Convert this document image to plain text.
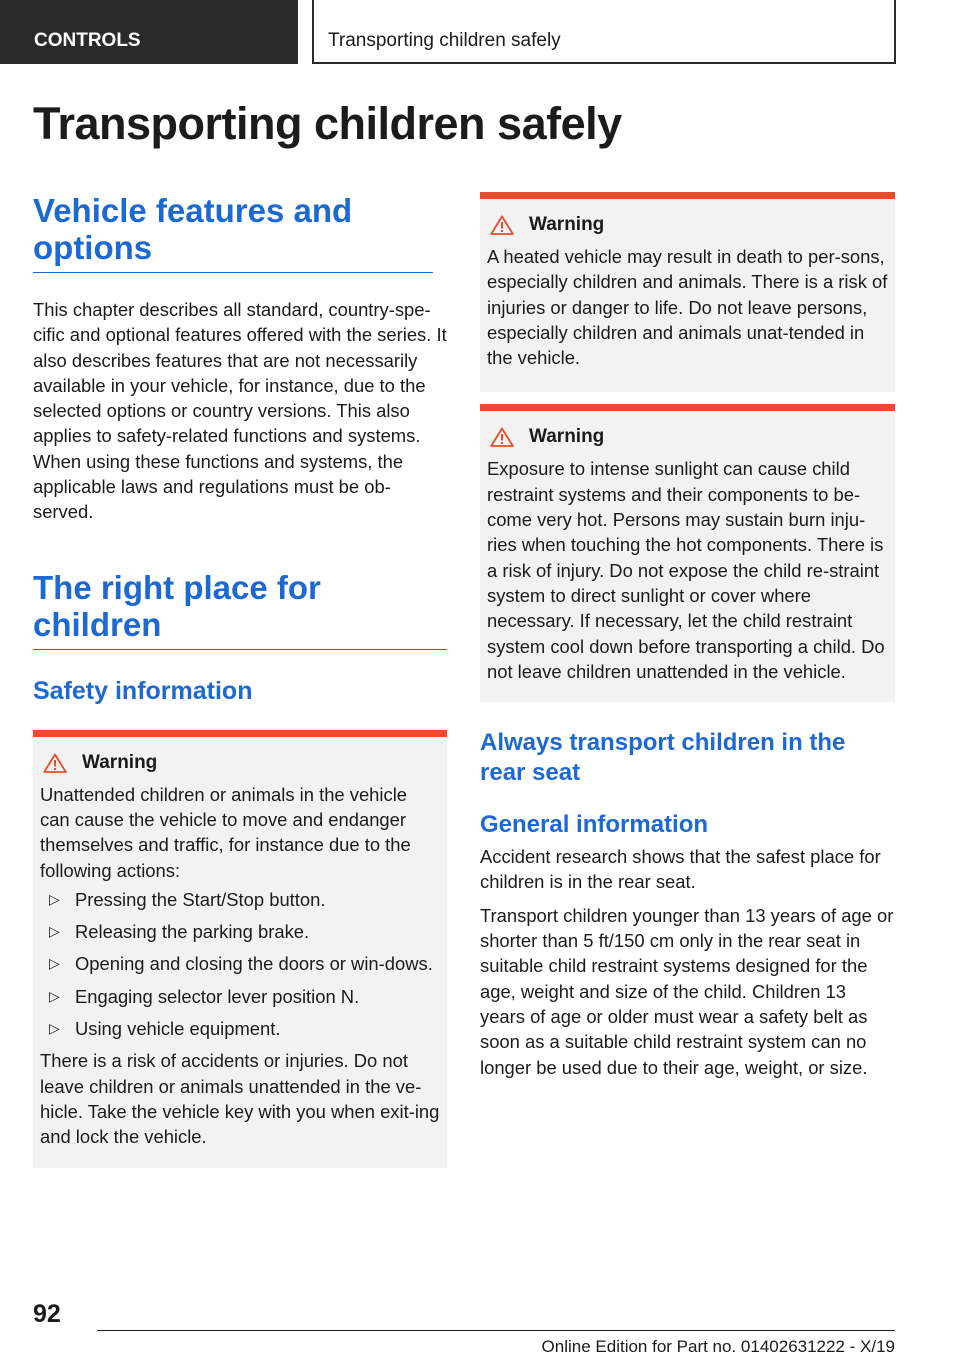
CONTROLS	Transporting children safely
Transporting children safely
Vehicle features and options

This chapter describes all standard, country-spe-cific and optional features offered with the series. It also describes features that are not necessarily available in your vehicle, for instance, due to the selected options or country versions. This also applies to safety-related functions and systems. When using these functions and systems, the applicable laws and regulations must be ob-served.

The right place for children
Safety information
Warning

Unattended children or animals in the vehicle can cause the vehicle to move and endanger themselves and traffic, for instance due to the following actions:

▷ Pressing the Start/Stop button.
▷ Releasing the parking brake.
▷ Opening and closing the doors or win-dows.
▷ Engaging selector lever position N.
▷ Using vehicle equipment.

There is a risk of accidents or injuries. Do not leave children or animals unattended in the ve-hicle. Take the vehicle key with you when exit-ing and lock the vehicle.

Warning

A heated vehicle may result in death to per-sons, especially children and animals. There is a risk of injuries or danger to life. Do not leave persons, especially children and animals unat-tended in the vehicle.

Warning

Exposure to intense sunlight can cause child restraint systems and their components to be-come very hot. Persons may sustain burn inju-ries when touching the hot components. There is a risk of injury. Do not expose the child re-straint system to direct sunlight or cover where necessary. If necessary, let the child restraint system cool down before transporting a child. Do not leave children unattended in the vehicle.

Always transport children in the rear seat
General information

Accident research shows that the safest place for children is in the rear seat.

Transport children younger than 13 years of age or shorter than 5 ft/150 cm only in the rear seat in suitable child restraint systems designed for the age, weight and size of the child. Children 13 years of age or older must wear a safety belt as soon as a suitable child restraint system can no longer be used due to their age, weight, or size.

92
Online Edition for Part no. 01402631222 - X/19
